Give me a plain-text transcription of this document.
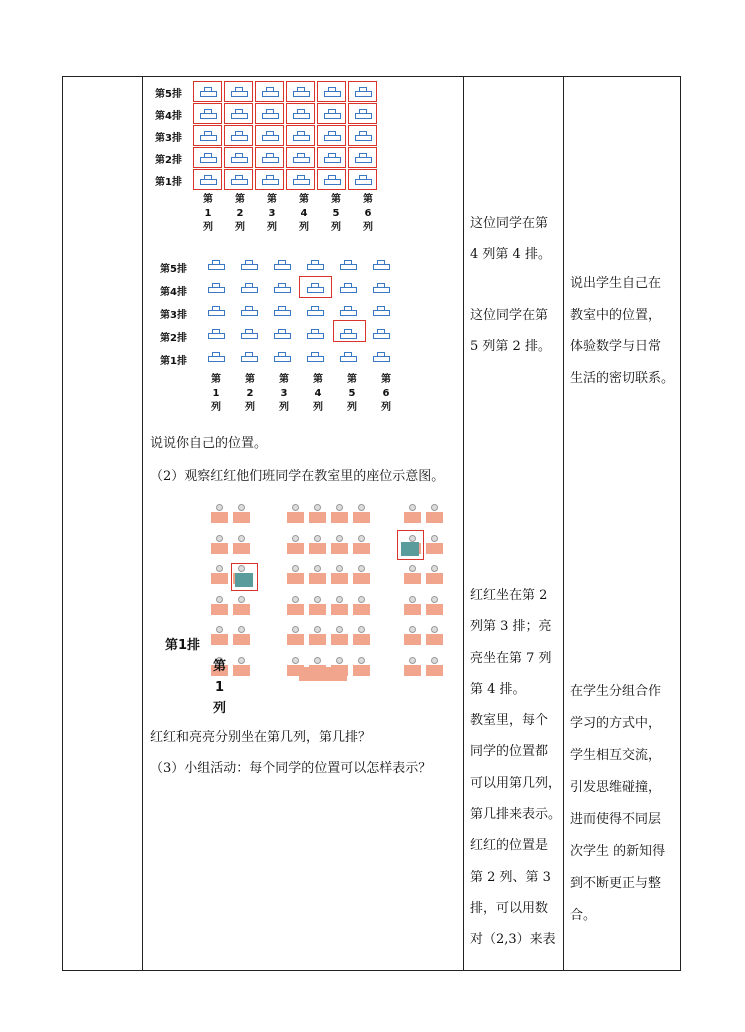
第5排
第4排
第3排
第2排
第1排
第
1
列
第
2
列
第
3
列
第
4
列
第
5
列
第
6
列
第5排
第4排
第3排
第2排
第1排
第
1
列
第
2
列
第
3
列
第
4
列
第
5
列
第
6
列
说说你自己的位置。
（2）观察红红他们班同学在教室里的座位示意图。
第1排
第
1
列
红红和亮亮分别坐在第几列，第几排？
（3）小组活动：每个同学的位置可以怎样表示？
这位同学在第
4 列第 4 排。
这位同学在第
5 列第 2 排。
红红坐在第 2
列第 3 排；亮
亮坐在第 7 列
第 4 排。
教室里，每个
同学的位置都
可以用第几列，
第几排来表示。
红红的位置是
第 2 列、第 3
排，可以用数
对（2,3）来表
说出学生自己在
教室中的位置，
体验数学与日常
生活的密切联系。
在学生分组合作
学习的方式中，
学生相互交流，
引发思维碰撞，
进而使得不同层
次学生 的新知得
到不断更正与整
合。
